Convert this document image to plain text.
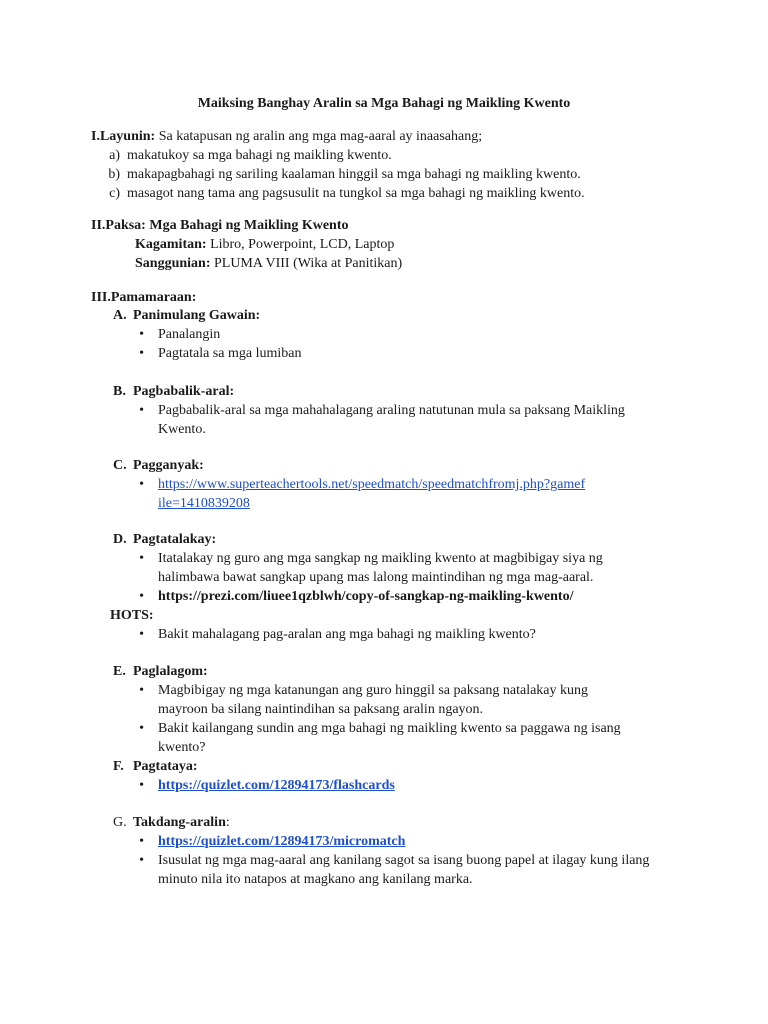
Maiksing Banghay Aralin sa Mga Bahagi ng Maikling Kwento
I.Layunin:
Sa katapusan ng aralin ang mga mag-aaral ay inaasahang;
a) makatukoy sa mga bahagi ng maikling kwento.
b) makapagbahagi ng sariling kaalaman hinggil sa mga bahagi ng maikling kwento.
c) masagot nang tama ang pagsusulit na tungkol sa mga bahagi ng maikling kwento.
II.Paksa:
Mga Bahagi ng Maikling Kwento
Kagamitan: Libro, Powerpoint, LCD, Laptop
Sanggunian: PLUMA VIII (Wika at Panitikan)
III.Pamamaraan:
A. Panimulang Gawain:
•	Panalangin
•	Pagtatala sa mga lumiban
B. Pagbabalik-aral:
•	Pagbabalik-aral sa mga mahahalagang araling natutunan mula sa paksang Maikling Kwento.
C. Pagganyak:
•	https://www.superteachertools.net/speedmatch/speedmatchfromj.php?gamefile=1410839208
D. Pagtatalakay:
•	Itatalakay ng guro ang mga sangkap ng maikling kwento at magbibigay siya ng halimbawa bawat sangkap upang mas lalong maintindihan ng mga mag-aaral.
•	https://prezi.com/liuee1qzblwh/copy-of-sangkap-ng-maikling-kwento/
HOTS:
•	Bakit mahalagang pag-aralan ang mga bahagi ng maikling kwento?
E. Paglalagom:
•	Magbibigay ng mga katanungan ang guro hinggil sa paksang natalakay kung mayroon ba silang naintindihan sa paksang aralin ngayon.
•	Bakit kailangang sundin ang mga bahagi ng maikling kwento sa paggawa ng isang kwento?
F. Pagtataya:
•	https://quizlet.com/12894173/flashcards
G. Takdang-aralin :
•	https://quizlet.com/12894173/micromatch
•	Isusulat ng mga mag-aaral ang kanilang sagot sa isang buong papel at ilagay kung ilang minuto nila ito natapos at magkano ang kanilang marka.
